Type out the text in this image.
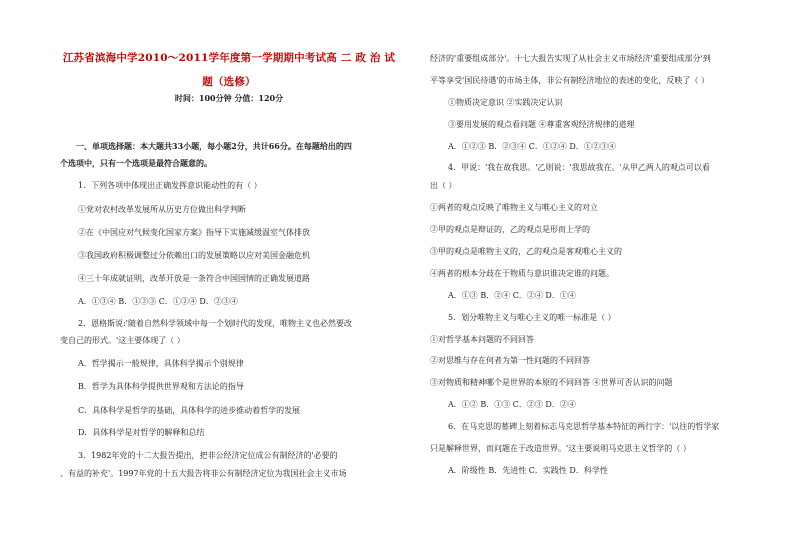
江苏省滨海中学2010～2011学年度第一学期期中考试高 二 政 治 试
题（选修）
时间：100分钟 分值：120分

一、单项选择题：本大题共33小题，每小题2分，共计66分。在每题给出的四

个选项中，只有一个选项是最符合题意的。

1．下列各项中体现出正确发挥意识能动性的有（ ）
①党对农村改革发展所从历史方位做出科学判断
②在《中国应对气候变化国家方案》指导下实施减缓温室气体排放
③我国政府积极调整过分依赖出口的发展策略以应对美国金融危机
④三十年成就证明，改革开放是一条符合中国国情的正确发展道路
A．①③④ B．①②③ C．①②④ D．②③④
2．恩格斯说:'随着自然科学领域中每一个划时代的发现，唯物主义也必然要改
变自己的形式。'这主要体现了（ ）
A．哲学揭示一般规律，具体科学揭示个别规律
B．哲学为具体科学提供世界观和方法论的指导
C．具体科学是哲学的基础，具体科学的进步推动着哲学的发展
D．具体科学是对哲学的解释和总结
3．1982年党的十二大报告提出，把非公经济定位成公有制经济的'必要的
、有益的补充'。1997年党的十五大报告将非公有制经济定位为我国社会主义市场
经济的'重要组成部分'。十七大报告实现了从社会主义市场经济'重要组成部分'到
平等享受'国民待遇'的市场主体，非公有制经济地位的表述的变化，反映了（ ）
①物质决定意识 ②实践决定认识
③要用发展的观点看问题 ④尊重客观经济规律的道理
A．①②③ B．②③④ C．①②④ D．①②③④
4．甲说：'我在故我思。'乙则说：'我思故我在。'从甲乙两人的观点可以看
出（ ）
①两者的观点反映了唯物主义与唯心主义的对立
②甲的观点是辩证的，乙的观点是形而上学的
③甲的观点是唯物主义的，乙的观点是客观唯心主义的
④两者的根本分歧在于物质与意识谁决定谁的问题。
A．①③ B．②④ C．②④ D．①④
5．划分唯物主义与唯心主义的唯一标准是（ ）
①对哲学基本问题的不同回答
②对思维与存在何者为第一性问题的不同回答
③对物质和精神哪个是世界的本原的不同回答 ④世界可否认识的问题
A．①② B．①③ C．②③ D．②④
6．在马克思的墓碑上刻着标志马克思哲学基本特征的两行字：'以往的哲学家
只是解释世界，而问题在于改造世界。'这主要说明马克思主义哲学的（ ）
A．阶级性 B．先进性 C．实践性 D．科学性
